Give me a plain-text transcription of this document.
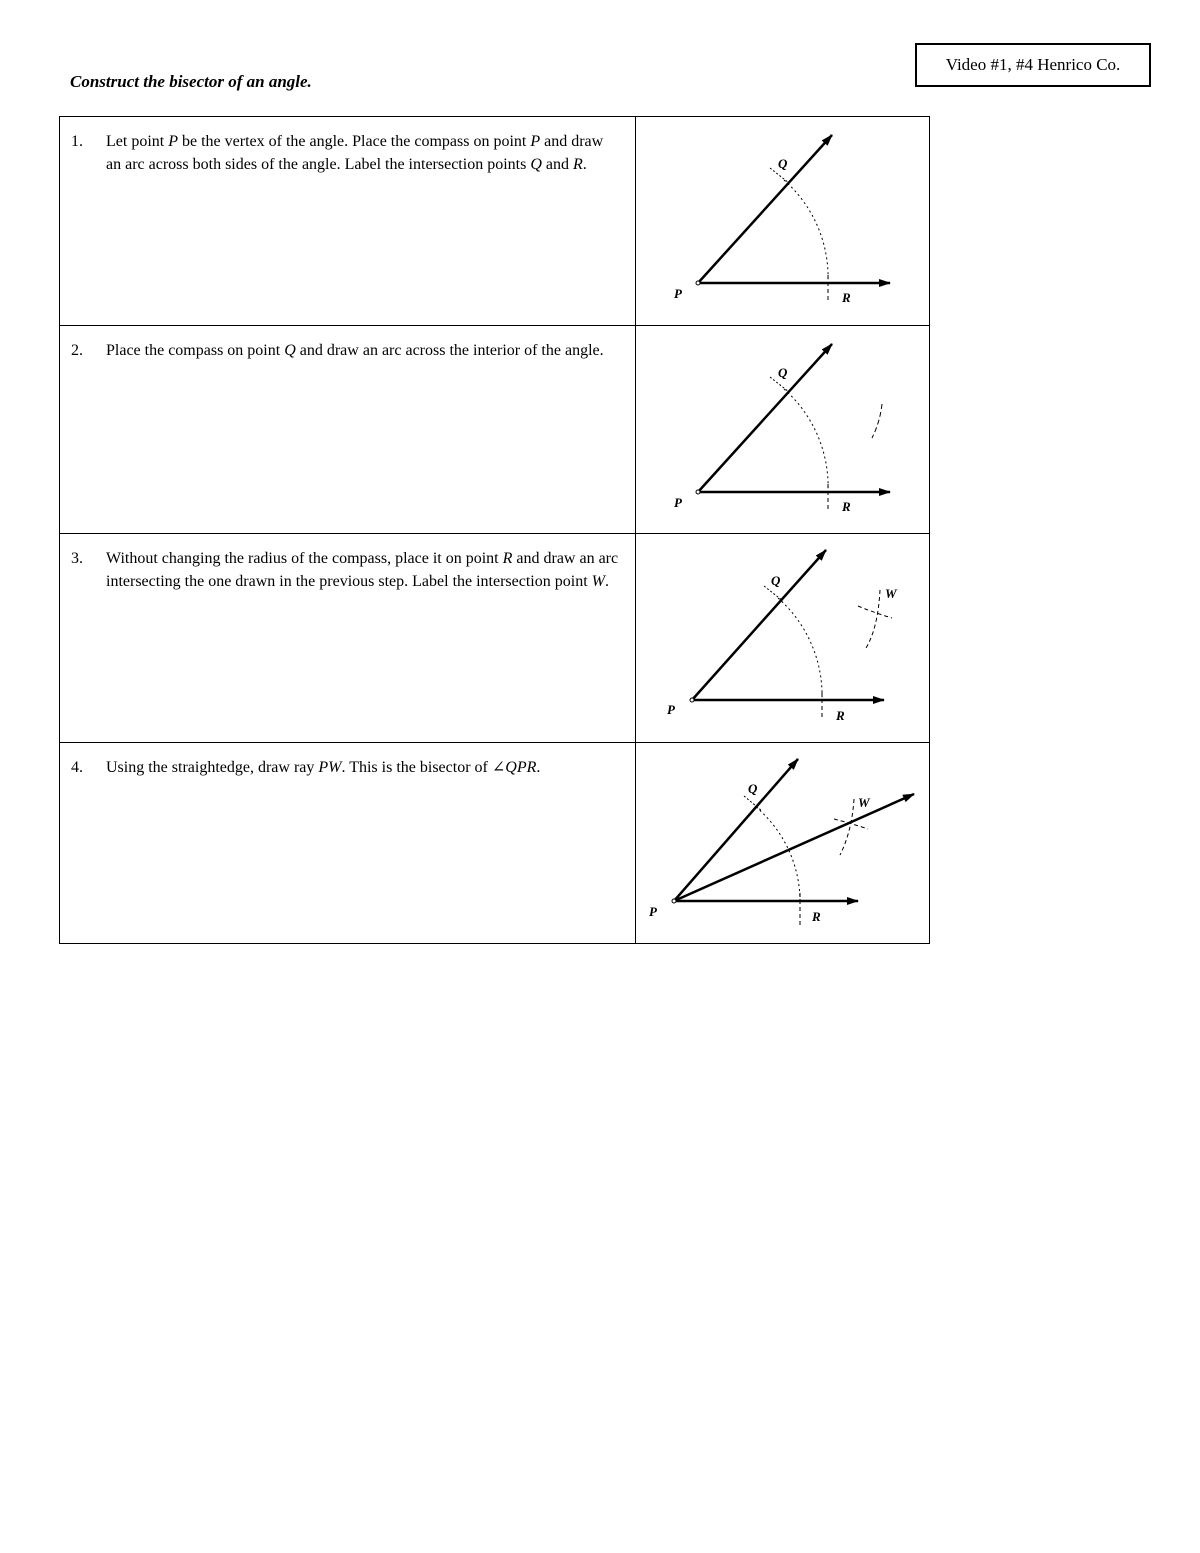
Video #1, #4 Henrico Co.
Construct the bisector of an angle.
1. Let point P be the vertex of the angle. Place the compass on point P and draw an arc across both sides of the angle. Label the intersection points Q and R.	P
Q
R

2. Place the compass on point Q and draw an arc across the interior of the angle.	P
Q
R

3. Without changing the radius of the compass, place it on point R and draw an arc intersecting the one drawn in the previous step. Label the intersection point W.	P
Q
R
W

4. Using the straightedge, draw ray PW. This is the bisector of ∠QPR.	P
Q
R
W
